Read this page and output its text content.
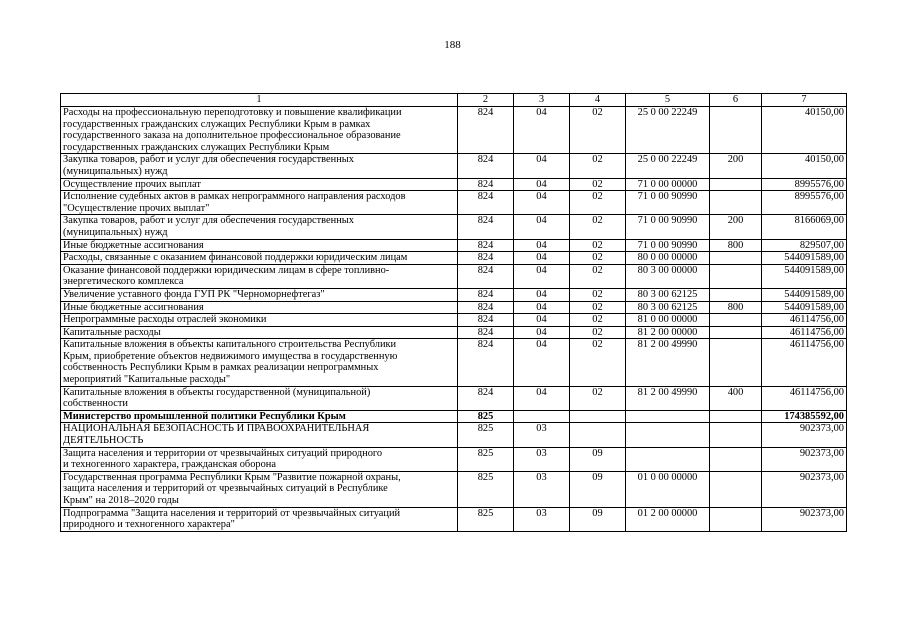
188
1	2	3	4	5	6	7
Расходы на профессиональную переподготовку и повышение квалификации
государственных гражданских служащих Республики Крым в рамках
государственного заказа на дополнительное профессиональное образование
государственных гражданских служащих Республики Крым	824	04	02	25 0 00 22249		40150,00
Закупка товаров, работ и услуг для обеспечения государственных
(муниципальных) нужд	824	04	02	25 0 00 22249	200	40150,00
Осуществление прочих выплат	824	04	02	71 0 00 00000		8995576,00
Исполнение судебных актов в рамках непрограммного направления расходов
"Осуществление прочих выплат"	824	04	02	71 0 00 90990		8995576,00
Закупка товаров, работ и услуг для обеспечения государственных
(муниципальных) нужд	824	04	02	71 0 00 90990	200	8166069,00
Иные бюджетные ассигнования	824	04	02	71 0 00 90990	800	829507,00
Расходы, связанные с оказанием финансовой поддержки юридическим лицам	824	04	02	80 0 00 00000		544091589,00
Оказание финансовой поддержки юридическим лицам в сфере топливно-
энергетического комплекса	824	04	02	80 3 00 00000		544091589,00
Увеличение уставного фонда ГУП РК "Черноморнефтегаз"	824	04	02	80 3 00 62125		544091589,00
Иные бюджетные ассигнования	824	04	02	80 3 00 62125	800	544091589,00
Непрограммные расходы отраслей экономики	824	04	02	81 0 00 00000		46114756,00
Капитальные расходы	824	04	02	81 2 00 00000		46114756,00
Капитальные вложения в объекты капитального строительства Республики
Крым, приобретение объектов недвижимого имущества в государственную
собственность Республики Крым в рамках реализации непрограммных
мероприятий "Капитальные расходы"	824	04	02	81 2 00 49990		46114756,00
Капитальные вложения в объекты государственной (муниципальной)
собственности	824	04	02	81 2 00 49990	400	46114756,00
Министерство промышленной политики Республики Крым	825					174385592,00
НАЦИОНАЛЬНАЯ БЕЗОПАСНОСТЬ И ПРАВООХРАНИТЕЛЬНАЯ
ДЕЯТЕЛЬНОСТЬ	825	03				902373,00
Защита населения и территории от чрезвычайных ситуаций природного
и техногенного характера, гражданская оборона	825	03	09			902373,00
Государственная программа Республики Крым "Развитие пожарной охраны,
защита населения и территорий от чрезвычайных ситуаций в Республике
Крым" на 2018–2020 годы	825	03	09	01 0 00 00000		902373,00
Подпрограмма "Защита населения и территорий от чрезвычайных ситуаций
природного и техногенного характера"	825	03	09	01 2 00 00000		902373,00
